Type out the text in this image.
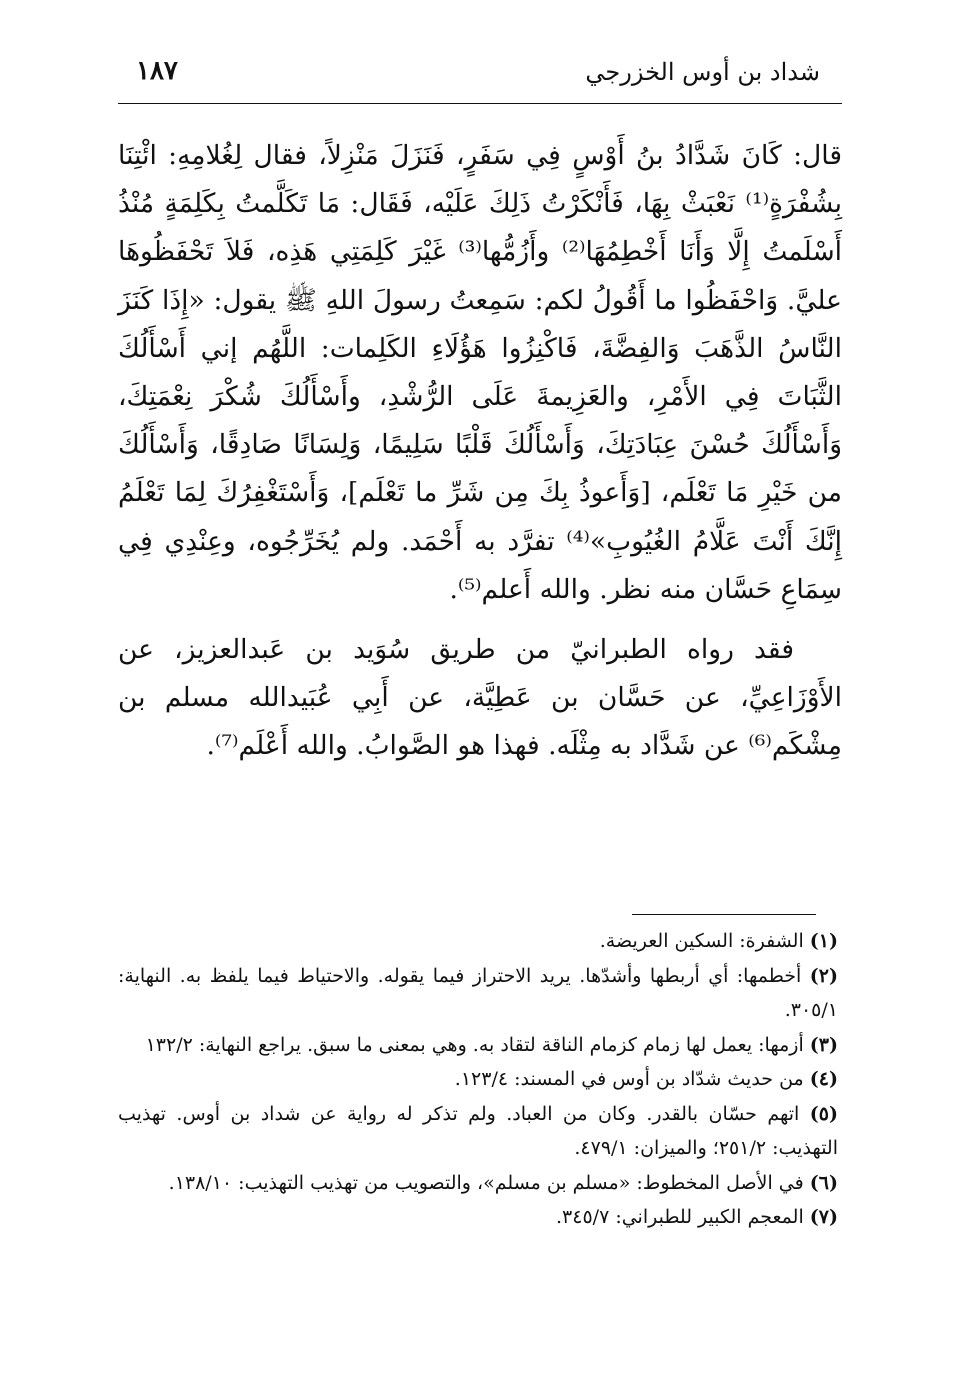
شداد بن أوس الخزرجي
١٨٧

قال: كَانَ شَدَّادُ بنُ أَوْسٍ فِي سَفَرٍ، فَنَزَلَ مَنْزِلاً، فقال لِغُلامِهِ: ائْتِنَا بِشُفْرَةٍ⁽¹⁾ نَعْبَثْ بِهَا، فَأَنْكَرْتُ ذَلِكَ عَلَيْه، فَقَال: مَا تَكَلَّمتُ بِكَلِمَةٍ مُنْذُ أَسْلَمتُ إِلَّا وَأَنَا أَخْطِمُهَا⁽²⁾ وأَزُمُّها⁽³⁾ غَيْرَ كَلِمَتِي هَذِه، فَلاَ تَحْفَظُوهَا عليَّ. وَاحْفَظُوا ما أَقُولُ لكم: سَمِعتُ رسولَ اللهِ ﷺ يقول: «إِذَا كَنَزَ النَّاسُ الذَّهَبَ وَالفِضَّةَ، فَاكْنِزُوا هَؤُلَاءِ الكَلِمات: اللَّهُم إني أَسْأَلُكَ الثَّبَاتَ فِي الأَمْرِ، والعَزِيمةَ عَلَى الرُّشْدِ، وأَسْأَلُكَ شُكْرَ نِعْمَتِكَ، وَأَسْأَلُكَ حُسْنَ عِبَادَتِكَ، وَأَسْأَلُكَ قَلْبًا سَلِيمًا، وَلِسَانًا صَادِقًا، وَأَسْأَلُكَ من خَيْرِ مَا تَعْلَم، [وَأَعوذُ بِكَ مِن شَرِّ ما تَعْلَم]، وَأَسْتَغْفِرُكَ لِمَا تَعْلَمُ إِنَّكَ أَنْتَ عَلَّامُ الغُيُوبِ»⁽⁴⁾ تفرَّد به أَحْمَد. ولم يُخَرِّجُوه، وعِنْدِي فِي سِمَاعِ حَسَّان منه نظر. والله أَعلم⁽⁵⁾.

فقد رواه الطبرانيّ من طريق سُوَيد بن عَبدالعزيز، عن الأَوْزَاعِيِّ، عن حَسَّان بن عَطِيَّة، عن أَبِي عُبَيدالله مسلم بن مِشْكَم⁽⁶⁾ عن شَدَّاد به مِثْلَه. فهذا هو الصَّوابُ. والله أَعْلَم⁽⁷⁾.

(١) الشفرة: السكين العريضة.

(٢) أخطمها: أي أربطها وأشدّها. يريد الاحتراز فيما يقوله. والاحتياط فيما يلفظ به. النهاية: ٣٠٥/١.

(٣) أزمها: يعمل لها زمام كزمام الناقة لتقاد به. وهي بمعنى ما سبق. يراجع النهاية: ١٣٢/٢

(٤) من حديث شدّاد بن أوس في المسند: ١٢٣/٤.

(٥) اتهم حسّان بالقدر. وكان من العباد. ولم تذكر له رواية عن شداد بن أوس. تهذيب التهذيب: ٢٥١/٢؛ والميزان: ٤٧٩/١.

(٦) في الأصل المخطوط: «مسلم بن مسلم»، والتصويب من تهذيب التهذيب: ١٣٨/١٠.

(٧) المعجم الكبير للطبراني: ٣٤٥/٧.
